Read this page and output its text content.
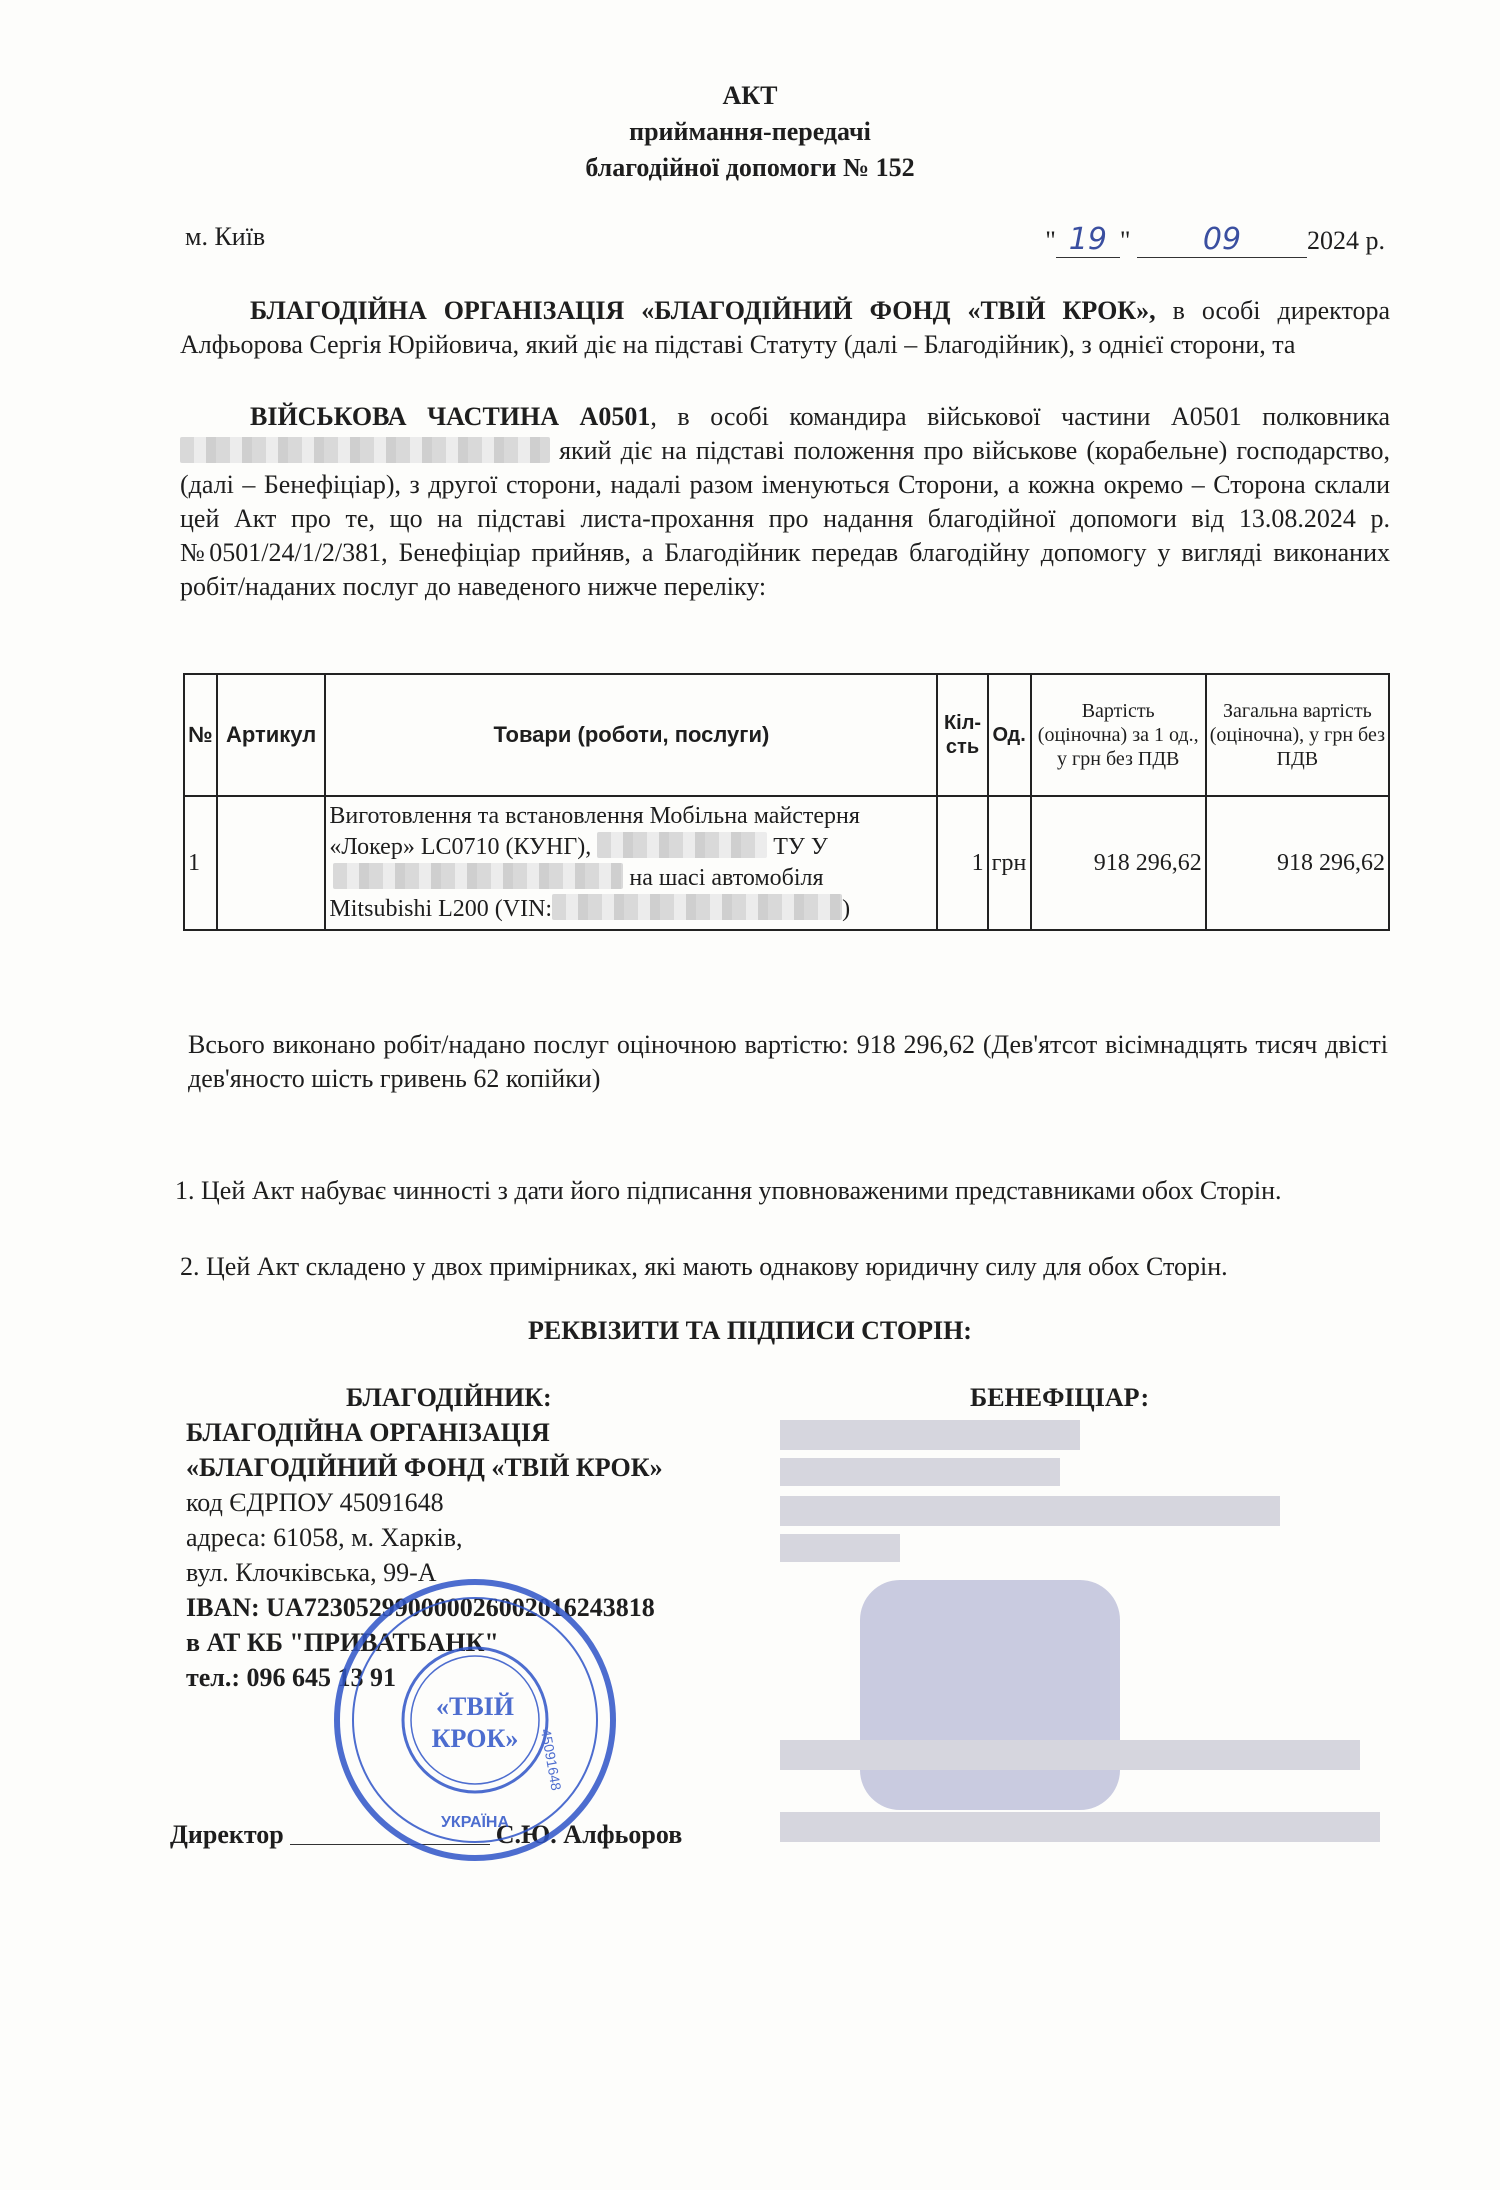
АКТ
приймання-передачі
благодійної допомоги № 152
м. Київ	" 19 " 09	2024 р.
БЛАГОДІЙНА ОРГАНІЗАЦІЯ «БЛАГОДІЙНИЙ ФОНД «ТВІЙ КРОК», в особі директора Алфьорова Сергія Юрійовича, який діє на підставі Статуту (далі – Благодійник), з однієї сторони, та
ВІЙСЬКОВА ЧАСТИНА А0501, в особі командира військової частини А0501 полковника  який діє на підставі положення про військове (корабельне) господарство, (далі – Бенефіціар), з другої сторони, надалі разом іменуються Сторони, а кожна окремо – Сторона склали цей Акт про те, що на підставі листа-прохання про надання благодійної допомоги від 13.08.2024 р. №0501/24/1/2/381, Бенефіціар прийняв, а Благодійник передав благодійну допомогу у вигляді виконаних робіт/наданих послуг до наведеного нижче переліку:
№	Артикул	Товари (роботи, послуги)	Кіл-сть	Од.	Вартість (оціночна) за 1 од., у грн без ПДВ	Загальна вартість (оціночна), у грн без ПДВ
1		Виготовлення та встановлення Мобільна майстерня «Локер» LC0710 (КУНГ), ТУ У
на шасі автомобіля
Mitsubishi L200 (VIN: )	1	грн	918 296,62	918 296,62
Всього виконано робіт/надано послуг оціночною вартістю: 918 296,62 (Дев'ятсот вісімнадцять тисяч двісті дев'яносто шість гривень 62 копійки)
1. Цей Акт набуває чинності з дати його підписання уповноваженими представниками обох Сторін.
2. Цей Акт складено у двох примірниках, які мають однакову юридичну силу для обох Сторін.
РЕКВІЗИТИ ТА ПІДПИСИ СТОРІН:
БЛАГОДІЙНИК:
БЛАГОДІЙНА ОРГАНІЗАЦІЯ
«БЛАГОДІЙНИЙ ФОНД «ТВІЙ КРОК»
код ЄДРПОУ 45091648
адреса: 61058, м. Харків,
вул. Клочківська, 99-А
IBAN: UA723052990000026002016243818
в АТ КБ "ПРИВАТБАНК"
тел.: 096 645 13 91
БЕНЕФІЦІАР:
Директор	С.Ю. Алфьоров
«ТВІЙ
КРОК» 45091648
УКРАЇНА
